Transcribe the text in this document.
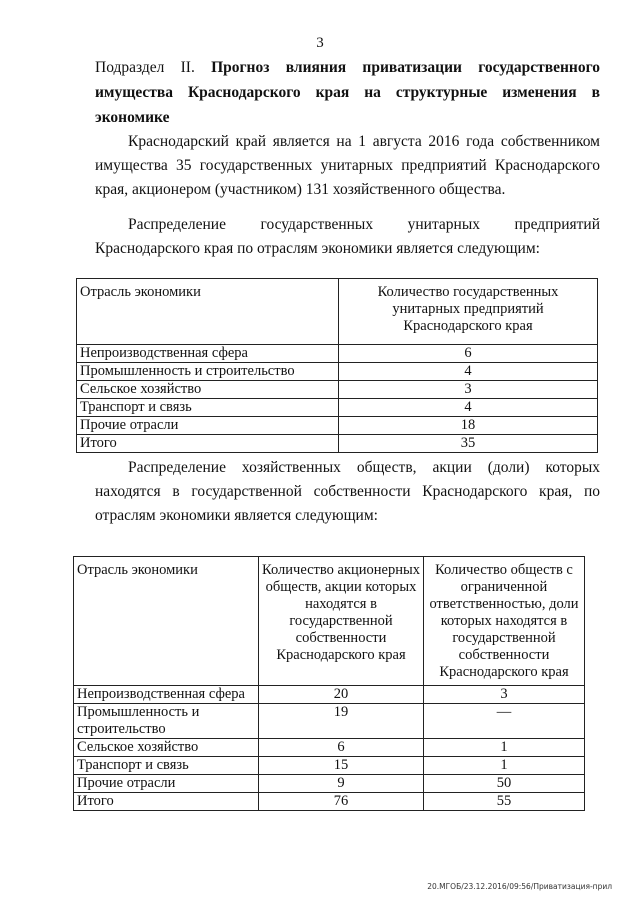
3
Подраздел II. Прогноз влияния приватизации государственного имущества Краснодарского края на структурные изменения в экономике

Краснодарский край является на 1 августа 2016 года собственником имущества 35 государственных унитарных предприятий Краснодарского края, акционером (участником) 131 хозяйственного общества.

Распределение государственных унитарных предприятий Краснодарского края по отраслям экономики является следующим:

Отрасль экономики	Количество государственных унитарных предприятий Краснодарского края
Непроизводственная сфера	6
Промышленность и строительство	4
Сельское хозяйство	3
Транспорт и связь	4
Прочие отрасли	18
Итого	35

Распределение хозяйственных обществ, акции (доли) которых находятся в государственной собственности Краснодарского края, по отраслям экономики является следующим:

Отрасль экономики	Количество акционерных обществ, акции которых находятся в государственной собственности Краснодарского края	Количество обществ с ограниченной ответственностью, доли которых находятся в государственной собственности Краснодарского края
Непроизводственная сфера	20	3
Промышленность и строительство	19	—
Сельское хозяйство	6	1
Транспорт и связь	15	1
Прочие отрасли	9	50
Итого	76	55
20.МГОБ/23.12.2016/09:56/Приватизация-прил
